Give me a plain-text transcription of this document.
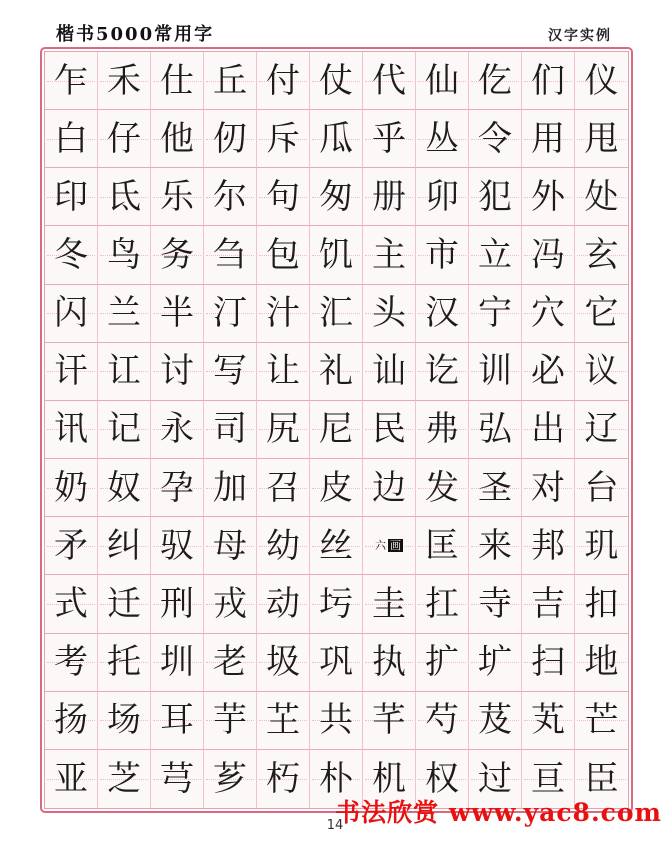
楷书5000常用字	汉字实例
乍 禾 仕 丘 付 仗 代 仙 仡 们 仪
白 仔 他 仞 斥 瓜 乎 丛 令 用 甩
印 氐 乐 尔 句 匆 册 卯 犯 外 处
冬 鸟 务 刍 包 饥 主 市 立 冯 玄
闪 兰 半 汀 汁 汇 头 汉 宁 穴 它
讦 讧 讨 写 让 礼 讪 讫 训 必 议
讯 记 永 司 尻 尼 民 弗 弘 出 辽
奶 奴 孕 加 召 皮 边 发 圣 对 台
矛 纠 驭 母 幼 丝 六 画 匡 来 邦 玑
式 迁 刑 戎 动 圬 圭 扛 寺 吉 扣
考 托 圳 老 圾 巩 执 扩 圹 扫 地
扬 场 耳 芋 芏 共 芊 芍 芨 芄 芒
亚 芝 芎 芗 朽 朴 机 权 过 亘 臣
书法欣赏 www.yac8.com
14
